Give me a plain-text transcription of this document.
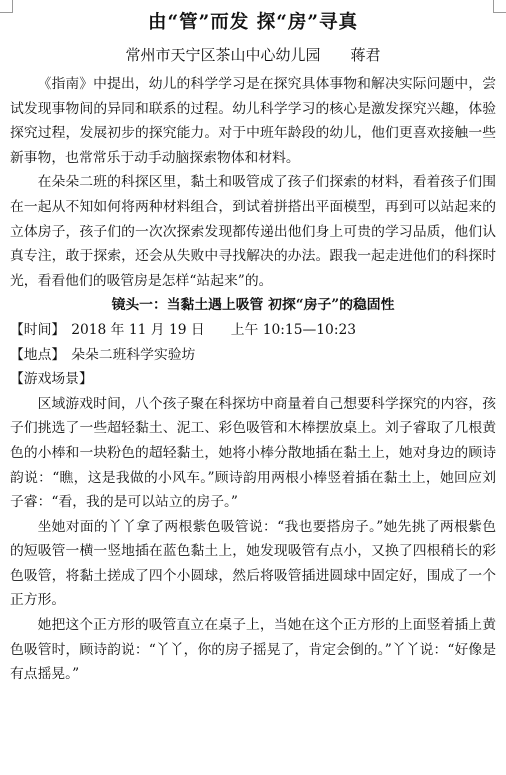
由“管”而发 探“房”寻真
常州市天宁区茶山中心幼儿园 蒋君

《指南》中提出，幼儿的科学学习是在探究具体事物和解决实际问题中，尝试发现事物间的异同和联系的过程。幼儿科学学习的核心是激发探究兴趣，体验探究过程，发展初步的探究能力。对于中班年龄段的幼儿，他们更喜欢接触一些新事物，也常常乐于动手动脑探索物体和材料。

在朵朵二班的科探区里，黏土和吸管成了孩子们探索的材料，看着孩子们围在一起从不知如何将两种材料组合，到试着拼搭出平面模型，再到可以站起来的立体房子，孩子们的一次次探索发现都传递出他们身上可贵的学习品质，他们认真专注，敢于探索，还会从失败中寻找解决的办法。跟我一起走进他们的科探时光，看看他们的吸管房是怎样“站起来”的。

镜头一：当黏土遇上吸管 初探“房子”的稳固性
【时间】 2018 年 11 月 19 日 上午 10:15—10:23
【地点】 朵朵二班科学实验坊
【游戏场景】

区域游戏时间，八个孩子聚在科探坊中商量着自己想要科学探究的内容，孩子们挑选了一些超轻黏土、泥工、彩色吸管和木棒摆放桌上。刘子睿取了几根黄色的小棒和一块粉色的超轻黏土，她将小棒分散地插在黏土上，她对身边的顾诗韵说：“瞧，这是我做的小风车。”顾诗韵用两根小棒竖着插在黏土上，她回应刘子睿：“看，我的是可以站立的房子。”

坐她对面的丫丫拿了两根紫色吸管说：“我也要搭房子。”她先挑了两根紫色的短吸管一横一竖地插在蓝色黏土上，她发现吸管有点小，又换了四根稍长的彩色吸管，将黏土搓成了四个小圆球，然后将吸管插进圆球中固定好，围成了一个正方形。

她把这个正方形的吸管直立在桌子上，当她在这个正方形的上面竖着插上黄色吸管时，顾诗韵说：“丫丫，你的房子摇晃了，肯定会倒的。”丫丫说：“好像是有点摇晃。”
